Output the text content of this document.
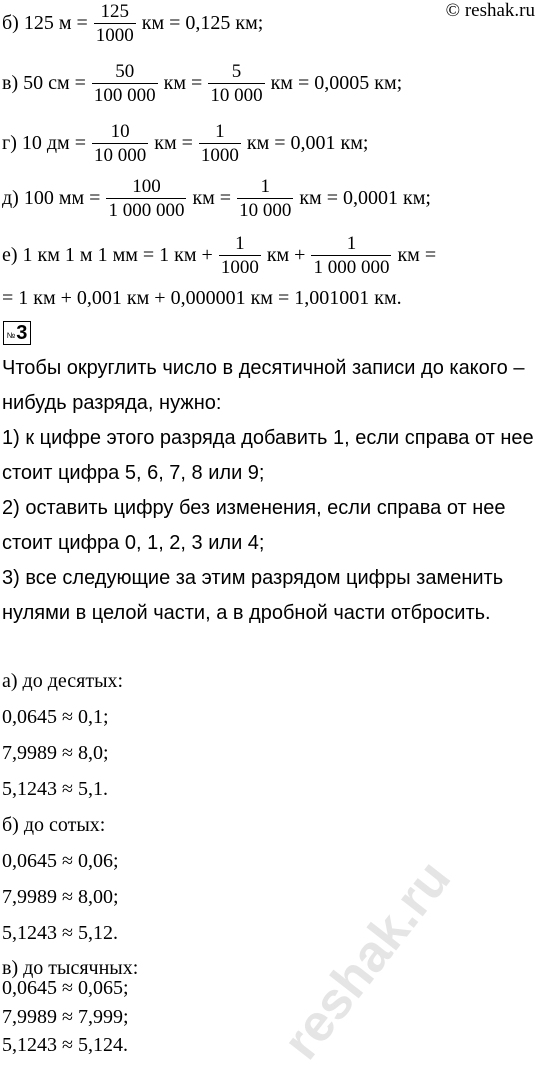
© reshak.ru
б) 125 $м = \frac{125}{1000}$ км = 0,125 км;
в) 50 см = $\frac{50}{100 000}$ км = $\frac{5}{10 000}$ км = 0,0005 км;
г) 10 дм = $\frac{10}{10 000}$ км = $\frac{1}{1000}$ км = 0,001 км;
д) 100 мм = $\frac{100}{1 000 000}$ км = $\frac{1}{10 000}$ км = 0,0001 км;
е) 1 км 1 м 1 мм = 1 км + $\frac{1}{1000}$ км + $\frac{1}{1 000 000}$ км =
= 1 км + 0,001 км + 0,000001 км = 1,001001 км.
№ 3
Чтобы округлить число в десятичной записи до какого –
нибудь разряда, нужно:
1) к цифре этого разряда добавить 1, если справа от нее
стоит цифра 5, 6, 7, 8 или 9;
2) оставить цифру без изменения, если справа от нее
стоит цифра 0, 1, 2, 3 или 4;
3) все следующие за этим разрядом цифры заменить
нулями в целой части, а в дробной части отбросить.
а) до десятых:
0,0645 ≈ 0,1;
7,9989 ≈ 8,0;
5,1243 ≈ 5,1.
б) до сотых:
0,0645 ≈ 0,06;
7,9989 ≈ 8,00;
5,1243 ≈ 5,12.
в) до тысячных:
0,0645 ≈ 0,065;
7,9989 ≈ 7,999;	reshak.ru
5,1243 ≈ 5,124.
